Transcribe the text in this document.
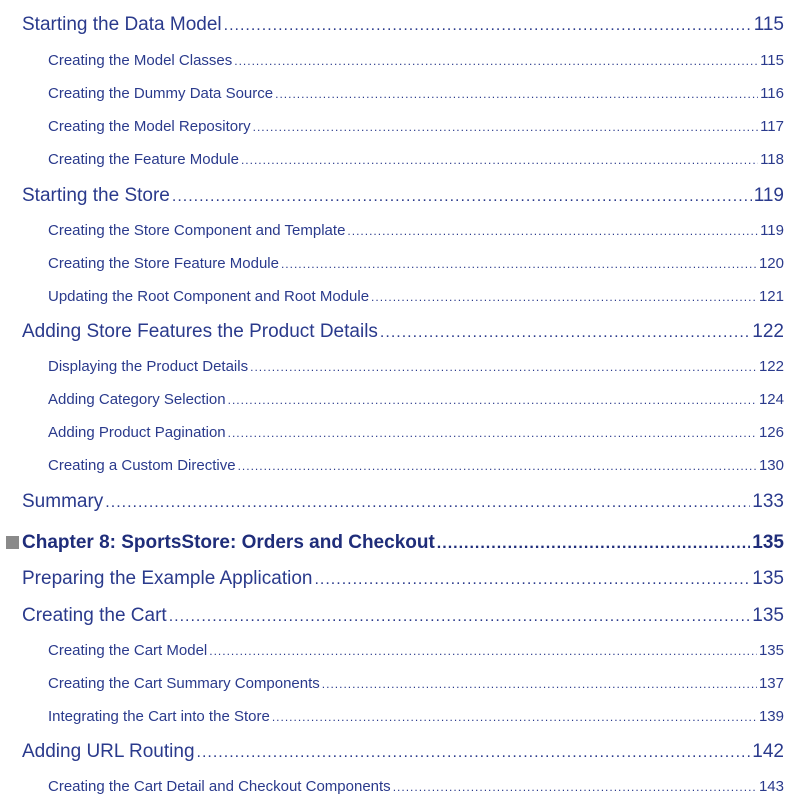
Starting the Data Model .....	115
Creating the Model Classes .....	115
Creating the Dummy Data Source .....	116
Creating the Model Repository .....	117
Creating the Feature Module .....	118
Starting the Store .....	119
Creating the Store Component and Template .....	119
Creating the Store Feature Module .....	120
Updating the Root Component and Root Module .....	121
Adding Store Features the Product Details .....	122
Displaying the Product Details .....	122
Adding Category Selection .....	124
Adding Product Pagination .....	126
Creating a Custom Directive .....	130
Summary .....	133
Chapter 8: SportsStore: Orders and Checkout .....	135
Preparing the Example Application .....	135
Creating the Cart .....	135
Creating the Cart Model .....	135
Creating the Cart Summary Components .....	137
Integrating the Cart into the Store .....	139
Adding URL Routing .....	142
Creating the Cart Detail and Checkout Components .....	143
